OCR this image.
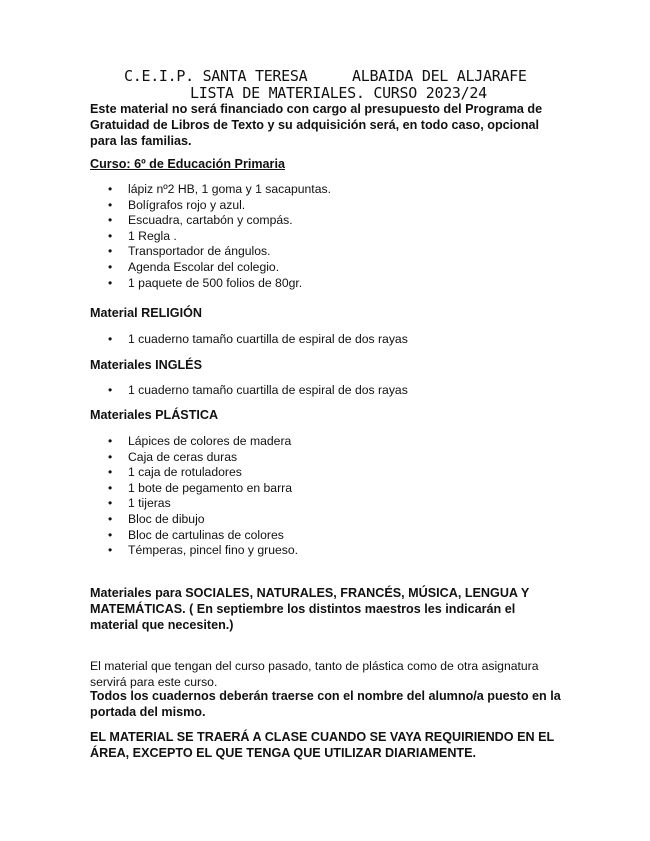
C.E.I.P. SANTA TERESA	ALBAIDA DEL ALJARAFE
LISTA DE MATERIALES. CURSO 2023/24
Este material no será financiado con cargo al presupuesto del Programa de Gratuidad de Libros de Texto y su adquisición será, en todo caso, opcional para las familias.
Curso: 6º de Educación Primaria
• lápiz nº2 HB, 1 goma y 1 sacapuntas.
• Bolígrafos rojo y azul.
• Escuadra, cartabón y compás.
• 1 Regla .
• Transportador de ángulos.
• Agenda Escolar del colegio.
• 1 paquete de 500 folios de 80gr.
Material RELIGIÓN
• 1 cuaderno tamaño cuartilla de espiral de dos rayas
Materiales INGLÉS
• 1 cuaderno tamaño cuartilla de espiral de dos rayas
Materiales PLÁSTICA
• Lápices de colores de madera
• Caja de ceras duras
• 1 caja de rotuladores
• 1 bote de pegamento en barra
• 1 tijeras
• Bloc de dibujo
• Bloc de cartulinas de colores
• Témperas, pincel fino y grueso.
Materiales para SOCIALES, NATURALES, FRANCÉS, MÚSICA, LENGUA Y MATEMÁTICAS. ( En septiembre los distintos maestros les indicarán el material que necesiten.)
El material que tengan del curso pasado, tanto de plástica como de otra asignatura servirá para este curso.
Todos los cuadernos deberán traerse con el nombre del alumno/a puesto en la portada del mismo.
EL MATERIAL SE TRAERÁ A CLASE CUANDO SE VAYA REQUIRIENDO EN EL ÁREA, EXCEPTO EL QUE TENGA QUE UTILIZAR DIARIAMENTE.
